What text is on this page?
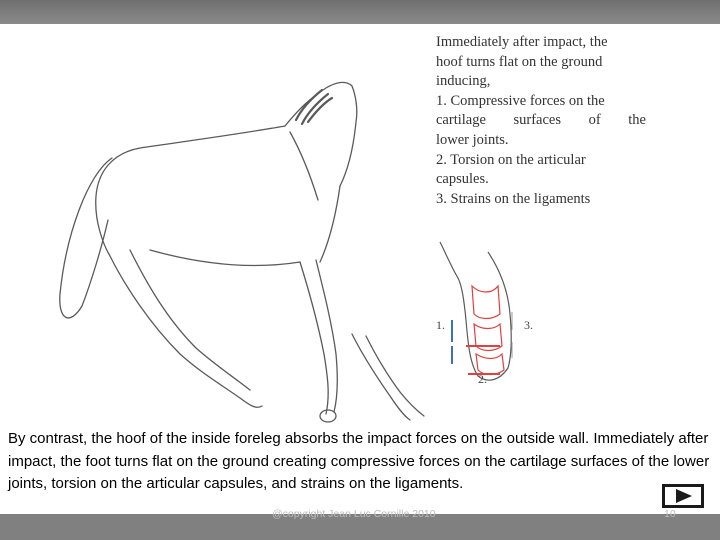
Immediately after impact, the

hoof turns flat on the ground

inducing,

1. Compressive forces on the

cartilage surfaces of the

lower joints.

2. Torsion on the articular

capsules.

3. Strains on the ligaments

1.	3.
2.
By contrast, the hoof of the inside foreleg absorbs the impact forces on the outside wall. Immediately after impact, the foot turns flat on the ground creating compressive forces on the cartilage surfaces of the lower joints, torsion on the articular capsules, and strains on the ligaments.
@copyright Jean Luc Cornille 2010	10
